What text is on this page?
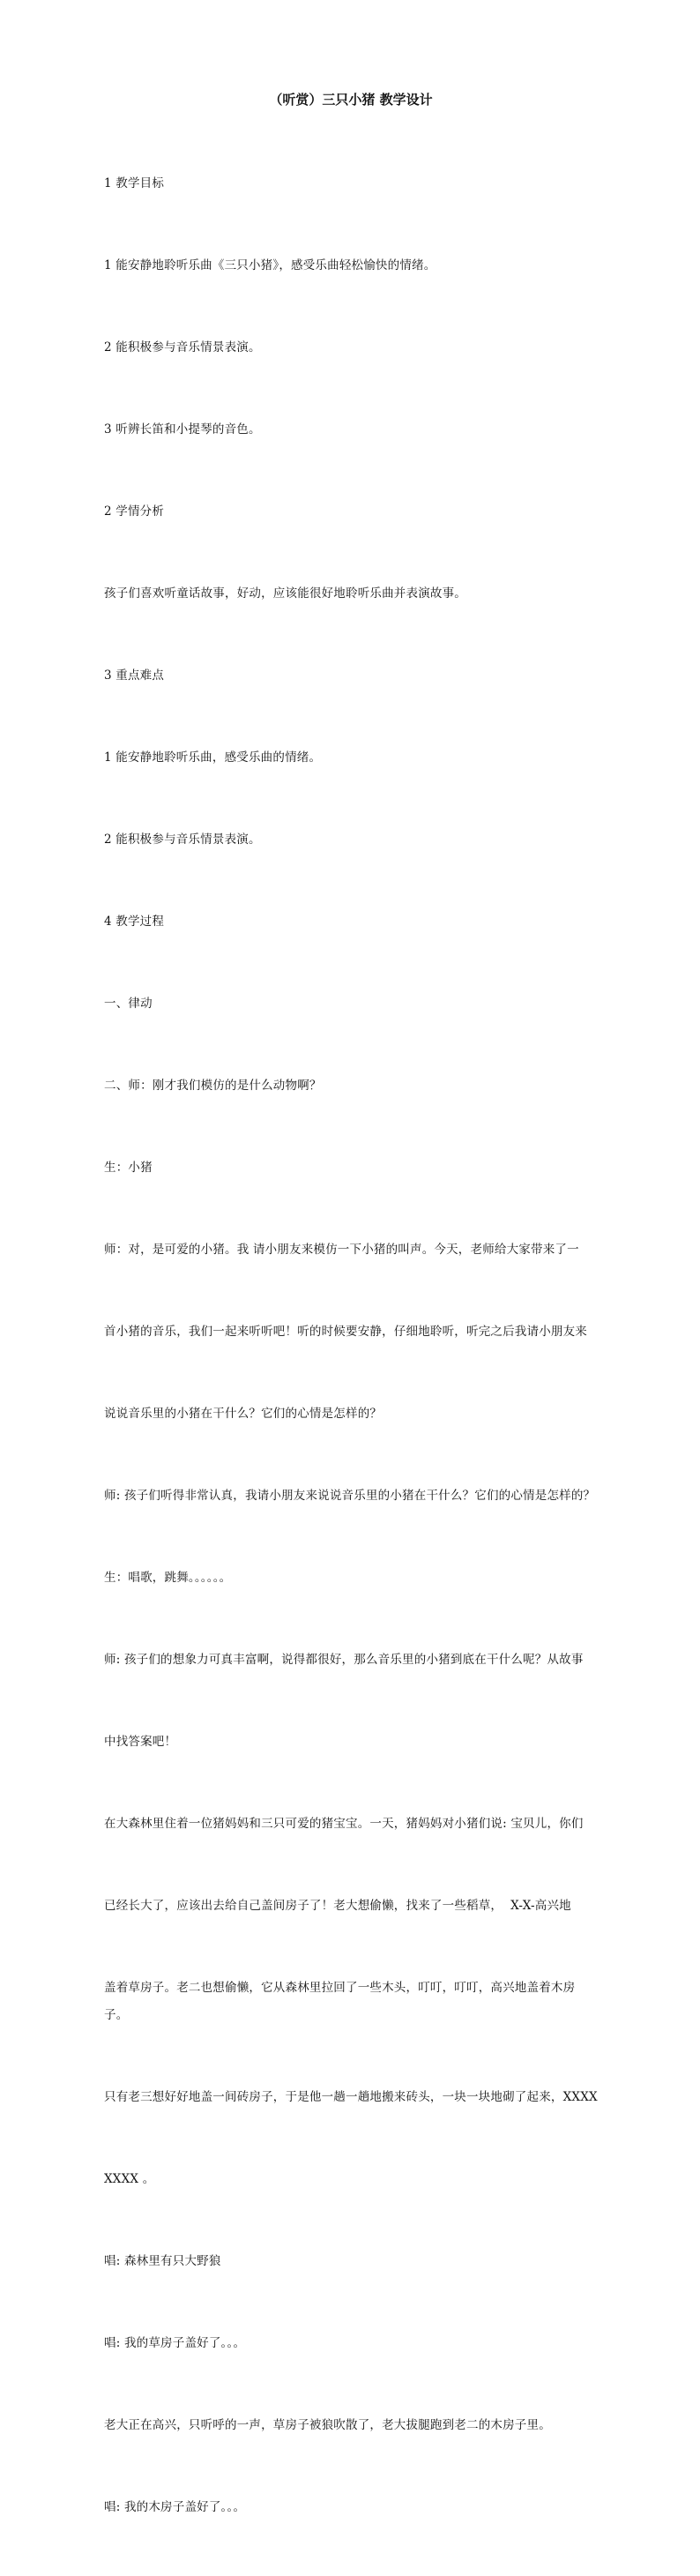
（听赏）三只小猪 教学设计

1 教学目标

1 能安静地聆听乐曲《三只小猪》，感受乐曲轻松愉快的情绪。

2 能积极参与音乐情景表演。

3 听辨长笛和小提琴的音色。

2 学情分析

孩子们喜欢听童话故事，好动，应该能很好地聆听乐曲并表演故事。

3 重点难点

1 能安静地聆听乐曲，感受乐曲的情绪。

2 能积极参与音乐情景表演。

4 教学过程

一、律动

二、师：刚才我们模仿的是什么动物啊？

生：小猪

师：对，是可爱的小猪。我 请小朋友来模仿一下小猪的叫声。今天，老师给大家带来了一

首小猪的音乐，我们一起来听听吧！听的时候要安静，仔细地聆听，听完之后我请小朋友来

说说音乐里的小猪在干什么？它们的心情是怎样的？

师: 孩子们听得非常认真，我请小朋友来说说音乐里的小猪在干什么？它们的心情是怎样的？

生：唱歌，跳舞。。。。。。

师: 孩子们的想象力可真丰富啊，说得都很好，那么音乐里的小猪到底在干什么呢？从故事

中找答案吧！

在大森林里住着一位猪妈妈和三只可爱的猪宝宝。一天，猪妈妈对小猪们说: 宝贝儿，你们

已经长大了，应该出去给自己盖间房子了！老大想偷懒，找来了一些稻草，  X-X-高兴地

盖着草房子。老二也想偷懒，它从森林里拉回了一些木头，叮叮，叮叮，高兴地盖着木房子。

只有老三想好好地盖一间砖房子，于是他一趟一趟地搬来砖头，一块一块地砌了起来，XXXX

XXXX 。

唱: 森林里有只大野狼

唱: 我的草房子盖好了。。。

老大正在高兴，只听呼的一声，草房子被狼吹散了，老大拔腿跑到老二的木房子里。

唱: 我的木房子盖好了。。。
